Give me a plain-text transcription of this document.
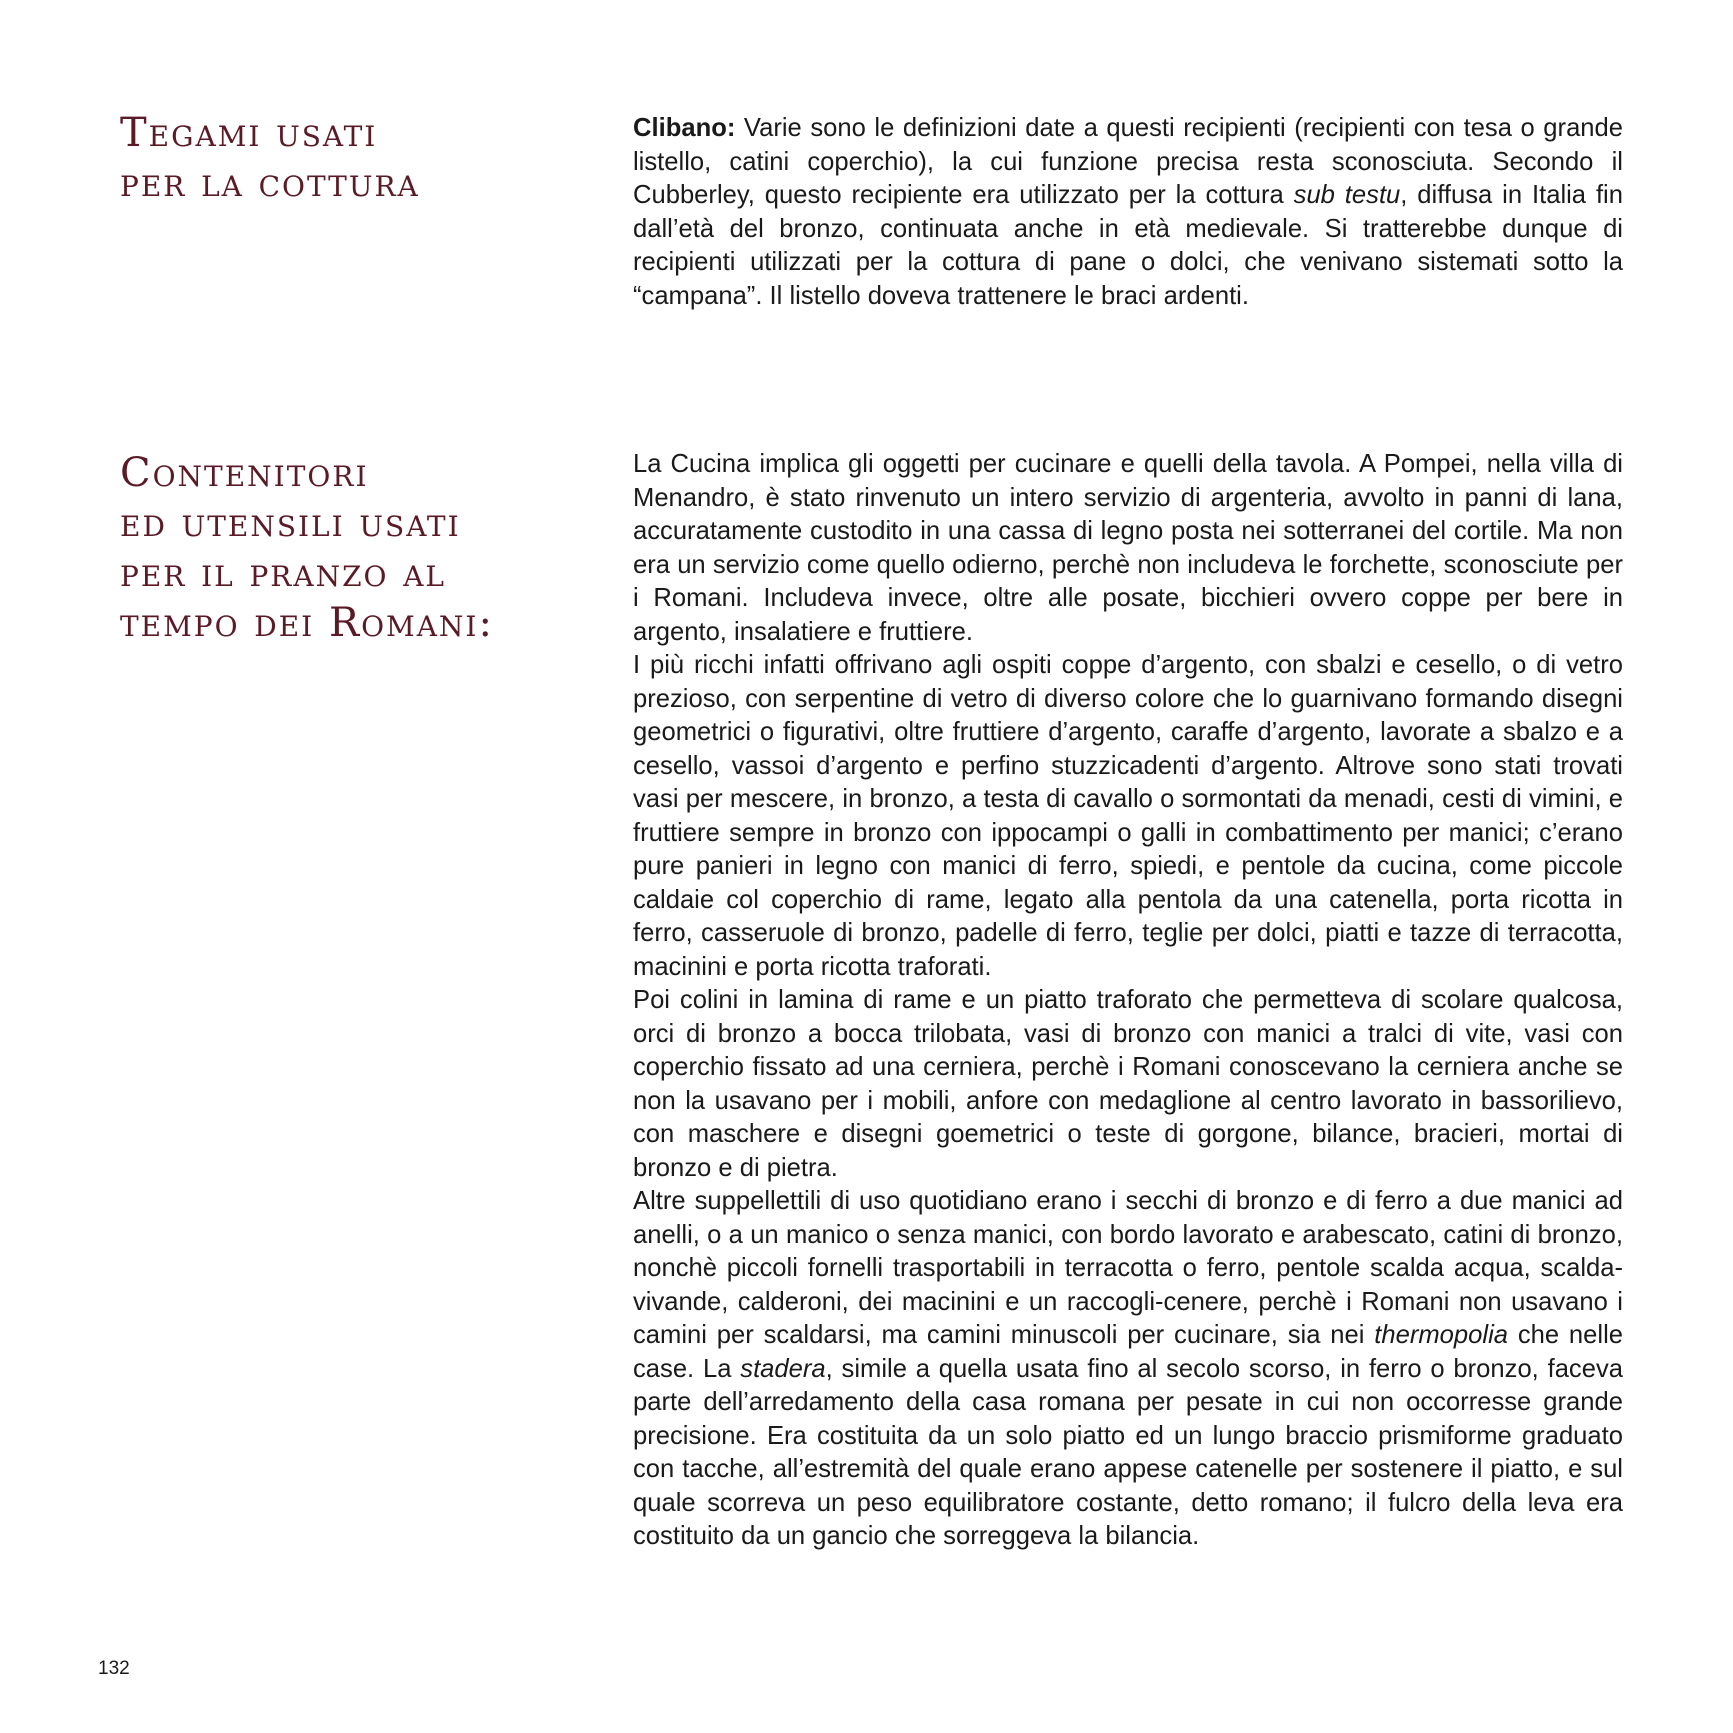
Tegami usati
per la cottura

Clibano: Varie sono le definizioni date a questi recipienti (recipienti con tesa o grande listello, catini coperchio), la cui funzione precisa resta sconosciuta. Secondo il Cubberley, questo recipiente era utilizzato per la cottura sub testu, diffusa in Italia fin dall’età del bronzo, continuata anche in età medievale. Si tratterebbe dunque di recipienti utilizzati per la cottura di pane o dolci, che venivano sistemati sotto la “campana”. Il listello doveva trattenere le braci ardenti.

Contenitori
ed utensili usati
per il pranzo al
tempo dei Romani:

La Cucina implica gli oggetti per cucinare e quelli della tavola. A Pompei, nella villa di Menandro, è stato rinvenuto un intero servizio di argenteria, avvolto in panni di lana, accuratamente custodito in una cassa di legno posta nei sotterranei del cortile. Ma non era un servizio come quello odierno, perchè non includeva le forchette, sconosciute per i Romani. Includeva invece, oltre alle posate, bicchieri ovvero coppe per bere in argento, insalatiere e fruttiere.

I più ricchi infatti offrivano agli ospiti coppe d’argento, con sbalzi e cesello, o di vetro prezioso, con serpentine di vetro di diverso colore che lo guarnivano formando disegni geometrici o figurativi, oltre fruttiere d’argento, caraffe d’argento, lavorate a sbalzo e a cesello, vassoi d’argento e perfino stuzzicadenti d’argento. Altrove sono stati trovati vasi per mescere, in bronzo, a testa di cavallo o sormontati da menadi, cesti di vimini, e fruttiere sempre in bronzo con ippocampi o galli in combattimento per manici; c’erano pure panieri in legno con manici di ferro, spiedi, e pentole da cucina, come piccole caldaie col coperchio di rame, legato alla pentola da una catenella, porta ricotta in ferro, casseruole di bronzo, padelle di ferro, teglie per dolci, piatti e tazze di terracotta, macinini e porta ricotta traforati.

Poi colini in lamina di rame e un piatto traforato che permetteva di scolare qualcosa, orci di bronzo a bocca trilobata, vasi di bronzo con manici a tralci di vite, vasi con coperchio fissato ad una cerniera, perchè i Romani conoscevano la cerniera anche se non la usavano per i mobili, anfore con medaglione al centro lavorato in bassorilievo, con maschere e disegni goemetrici o teste di gorgone, bilance, bracieri, mortai di bronzo e di pietra.

Altre suppellettili di uso quotidiano erano i secchi di bronzo e di ferro a due manici ad anelli, o a un manico o senza manici, con bordo lavorato e arabescato, catini di bronzo, nonchè piccoli fornelli trasportabili in terracotta o ferro, pentole scalda acqua, scalda-vivande, calderoni, dei macinini e un raccogli-cenere, perchè i Romani non usavano i camini per scaldarsi, ma camini minuscoli per cucinare, sia nei thermopolia che nelle case. La stadera, simile a quella usata fino al secolo scorso, in ferro o bronzo, faceva parte dell’arredamento della casa romana per pesate in cui non occorresse grande precisione. Era costituita da un solo piatto ed un lungo braccio prismiforme graduato con tacche, all’estremità del quale erano appese catenelle per sostenere il piatto, e sul quale scorreva un peso equilibratore costante, detto romano; il fulcro della leva era costituito da un gancio che sorreggeva la bilancia.

132
